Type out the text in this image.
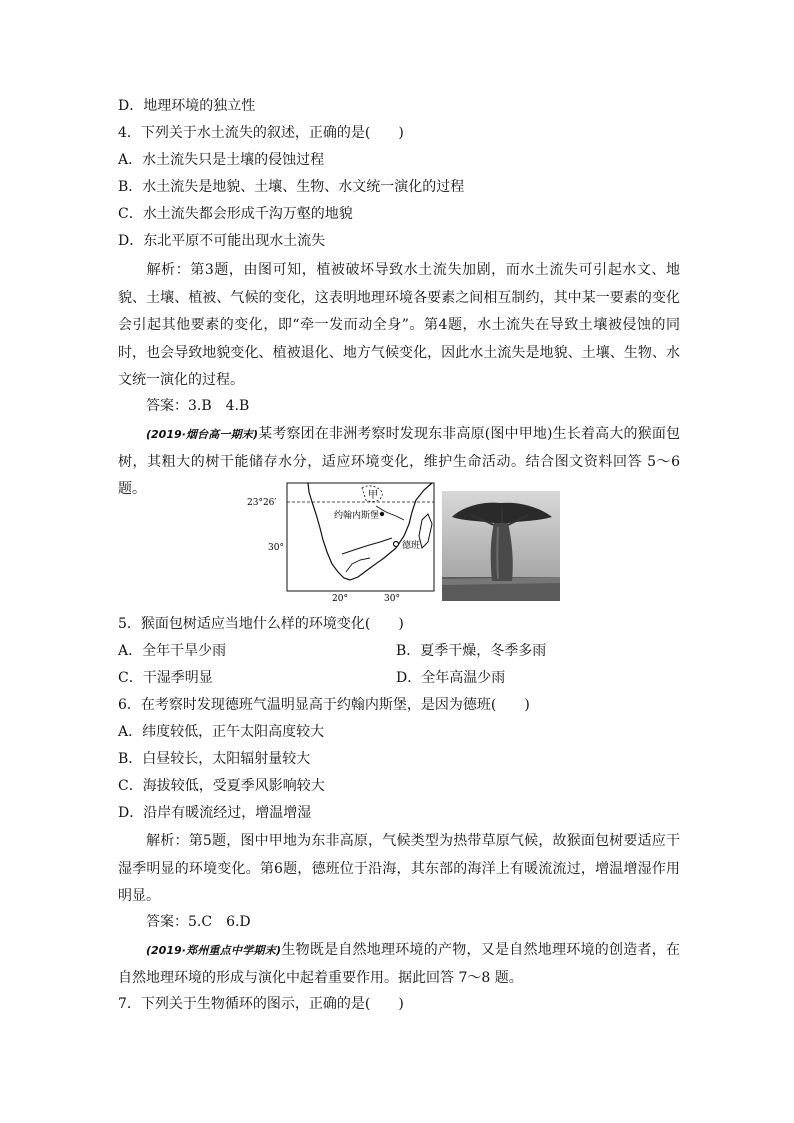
D．地理环境的独立性
4．下列关于水土流失的叙述，正确的是(　　)
A．水土流失只是土壤的侵蚀过程
B．水土流失是地貌、土壤、生物、水文统一演化的过程
C．水土流失都会形成千沟万壑的地貌
D．东北平原不可能出现水土流失
解析：第3题，由图可知，植被破坏导致水土流失加剧，而水土流失可引起水文、地貌、土壤、植被、气候的变化，这表明地理环境各要素之间相互制约，其中某一要素的变化会引起其他要素的变化，即“牵一发而动全身”。第4题，水土流失在导致土壤被侵蚀的同时，也会导致地貌变化、植被退化、地方气候变化，因此水土流失是地貌、土壤、生物、水文统一演化的过程。
答案：3.B　4.B
(2019·烟台高一期末)某考察团在非洲考察时发现东非高原(图中甲地)生长着高大的猴面包树，其粗大的树干能储存水分，适应环境变化，维护生命活动。结合图文资料回答 5～6 题。
23°26′
30°
20°	30°
甲
约翰内斯堡
德班
5．猴面包树适应当地什么样的环境变化(　　)
A．全年干旱少雨	B．夏季干燥，冬季多雨
C．干湿季明显	D．全年高温少雨
6．在考察时发现德班气温明显高于约翰内斯堡，是因为德班(　　)
A．纬度较低，正午太阳高度较大
B．白昼较长，太阳辐射量较大
C．海拔较低，受夏季风影响较大
D．沿岸有暖流经过，增温增湿
解析：第5题，图中甲地为东非高原，气候类型为热带草原气候，故猴面包树要适应干湿季明显的环境变化。第6题，德班位于沿海，其东部的海洋上有暖流流过，增温增湿作用明显。
答案：5.C　6.D
(2019·郑州重点中学期末)生物既是自然地理环境的产物，又是自然地理环境的创造者，在自然地理环境的形成与演化中起着重要作用。据此回答 7～8 题。
7．下列关于生物循环的图示，正确的是(　　)
